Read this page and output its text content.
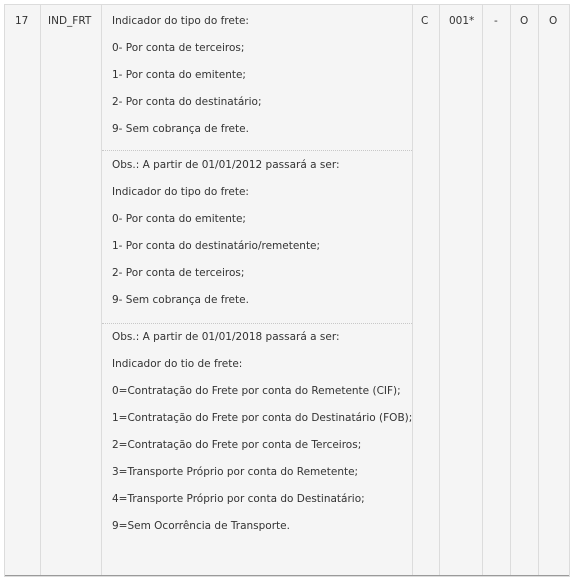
17 IND_FRT Indicador do tipo do frete:
0- Por conta de terceiros;
1- Por conta do emitente;
2- Por conta do destinatário;
9- Sem cobrança de frete.
Obs.: A partir de 01/01/2012 passará a ser:
Indicador do tipo do frete:
0- Por conta do emitente;
1- Por conta do destinatário/remetente;
2- Por conta de terceiros;
9- Sem cobrança de frete.
Obs.: A partir de 01/01/2018 passará a ser:
Indicador do tio de frete:
0=Contratação do Frete por conta do Remetente (CIF);
1=Contratação do Frete por conta do Destinatário (FOB);
2=Contratação do Frete por conta de Terceiros;
3=Transporte Próprio por conta do Remetente;
4=Transporte Próprio por conta do Destinatário;
9=Sem Ocorrência de Transporte.
C 001* - O O
